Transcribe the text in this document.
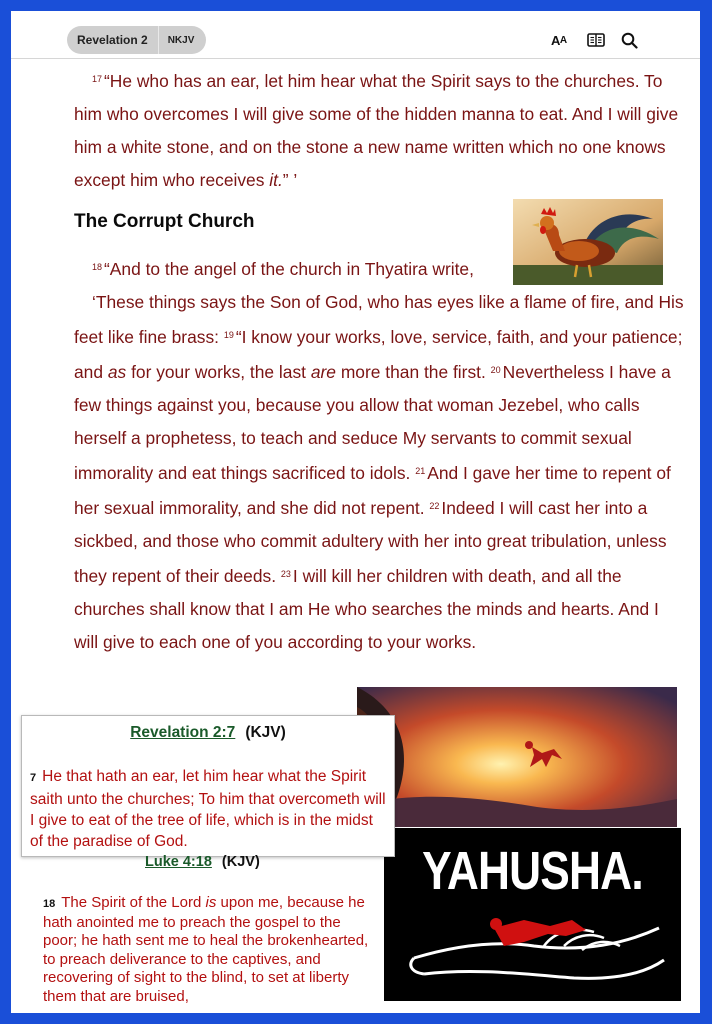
Revelation 2	NKJV	A A

$^{17}$ “He who has an ear, let him hear what the Spirit says to the churches. To him who overcomes I will give some of the hidden manna to eat. And I will give him a white stone, and on the stone a new name written which no one knows except him who receives it.” ’

$^{18}$ “And to the angel of the church in Thyatira write,

‘These things says the Son of God, who has eyes like a flame of fire, and His feet like fine brass: $^{19}$ “I know your works, love, service, faith, and your patience; and as for your works, the last are more than the first. $^{20}$ Nevertheless I have a few things against you, because you allow that woman Jezebel, who calls herself a prophetess, to teach and seduce My servants to commit sexual immorality and eat things sacrificed to idols. $^{21}$ And I gave her time to repent of her sexual immorality, and she did not repent. $^{22}$ Indeed I will cast her into a sickbed, and those who commit adultery with her into great tribulation, unless they repent of their deeds. $^{23}$ I will kill her children with death, and all the churches shall know that I am He who searches the minds and hearts. And I will give to each one of you according to your works.

The Corrupt Church
YAHUSHA.
Revelation 2:7 (KJV)
7 He that hath an ear, let him hear what the Spirit saith unto the churches; To him that overcometh will I give to eat of the tree of life, which is in the midst of the paradise of God.
Luke 4:18 (KJV)
18 The Spirit of the Lord is upon me, because he hath anointed me to preach the gospel to the poor; he hath sent me to heal the brokenhearted, to preach deliverance to the captives, and recovering of sight to the blind, to set at liberty them that are bruised,
